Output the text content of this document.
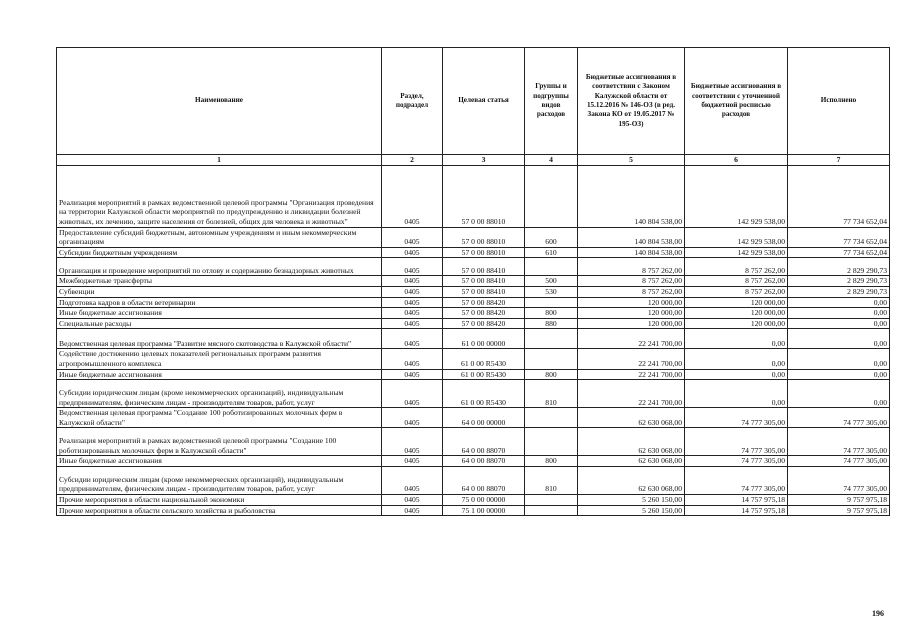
Наименование	Раздел, подраздел	Целевая статья	Группы и подгруппы видов расходов	Бюджетные ассигнования в соответствии с Законом Калужской области от 15.12.2016 № 146-ОЗ (в ред. Закона КО от 19.05.2017 № 195-ОЗ)	Бюджетные ассигнования в соответствии с уточненной бюджетной росписью расходов	Исполнено
1	2	3	4	5	6	7
Реализация мероприятий в рамках ведомственной целевой программы "Организация проведения на территории Калужской области мероприятий по предупреждению и ликвидации болезней животных, их лечению, защите населения от болезней, общих для человека и животных"	0405	57 0 00 88010		140 804 538,00	142 929 538,00	77 734 652,04
Предоставление субсидий бюджетным, автономным учреждениям и иным некоммерческим организациям	0405	57 0 00 88010	600	140 804 538,00	142 929 538,00	77 734 652,04
Субсидии бюджетным учреждениям	0405	57 0 00 88010	610	140 804 538,00	142 929 538,00	77 734 652,04
Организация и проведение мероприятий по отлову и содержанию безнадзорных животных	0405	57 0 00 88410		8 757 262,00	8 757 262,00	2 829 290,73
Межбюджетные трансферты	0405	57 0 00 88410	500	8 757 262,00	8 757 262,00	2 829 290,73
Субвенции	0405	57 0 00 88410	530	8 757 262,00	8 757 262,00	2 829 290,73
Подготовка кадров в области ветеринарии	0405	57 0 00 88420		120 000,00	120 000,00	0,00
Иные бюджетные ассигнования	0405	57 0 00 88420	800	120 000,00	120 000,00	0,00
Специальные расходы	0405	57 0 00 88420	880	120 000,00	120 000,00	0,00
Ведомственная целевая программа "Развитие мясного скотоводства в Калужской области"	0405	61 0 00 00000		22 241 700,00	0,00	0,00
Содействие достижению целевых показателей региональных программ развития агропромышленного комплекса	0405	61 0 00 R5430		22 241 700,00	0,00	0,00
Иные бюджетные ассигнования	0405	61 0 00 R5430	800	22 241 700,00	0,00	0,00
Субсидии юридическим лицам (кроме некоммерческих организаций), индивидуальным предпринимателям, физическим лицам - производителям товаров, работ, услуг	0405	61 0 00 R5430	810	22 241 700,00	0,00	0,00
Ведомственная целевая программа "Создание 100 роботизированных молочных ферм в Калужской области"	0405	64 0 00 00000		62 630 068,00	74 777 305,00	74 777 305,00
Реализация мероприятий в рамках ведомственной целевой программы "Создание 100 роботизированных молочных ферм в Калужской области"	0405	64 0 00 88070		62 630 068,00	74 777 305,00	74 777 305,00
Иные бюджетные ассигнования	0405	64 0 00 88070	800	62 630 068,00	74 777 305,00	74 777 305,00
Субсидии юридическим лицам (кроме некоммерческих организаций), индивидуальным предпринимателям, физическим лицам - производителям товаров, работ, услуг	0405	64 0 00 88070	810	62 630 068,00	74 777 305,00	74 777 305,00
Прочие мероприятия в области национальной экономики	0405	75 0 00 00000		5 260 150,00	14 757 975,18	9 757 975,18
Прочие мероприятия в области сельского хозяйства и рыболовства	0405	75 1 00 00000		5 260 150,00	14 757 975,18	9 757 975,18
196
